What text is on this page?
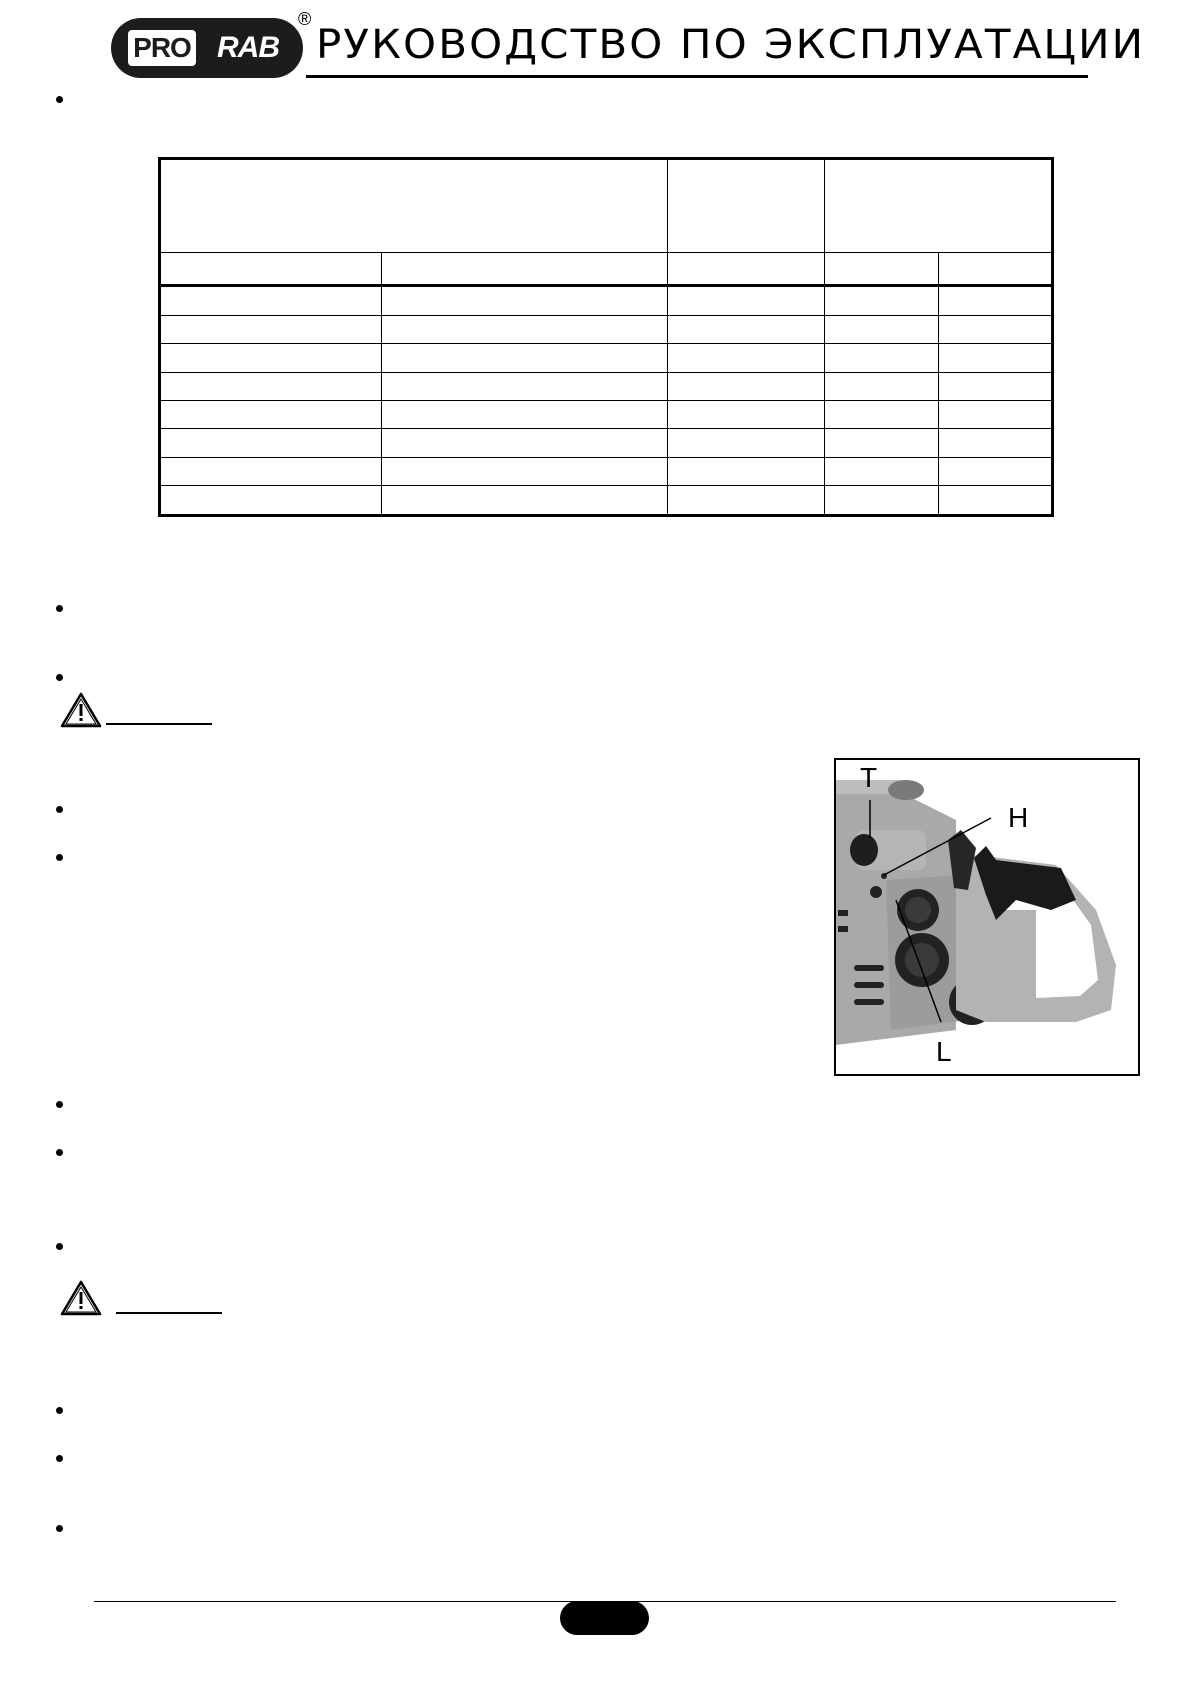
PRO RAB
®
РУКОВОДСТВО ПО ЭКСПЛУАТАЦИИ

T
H
L
